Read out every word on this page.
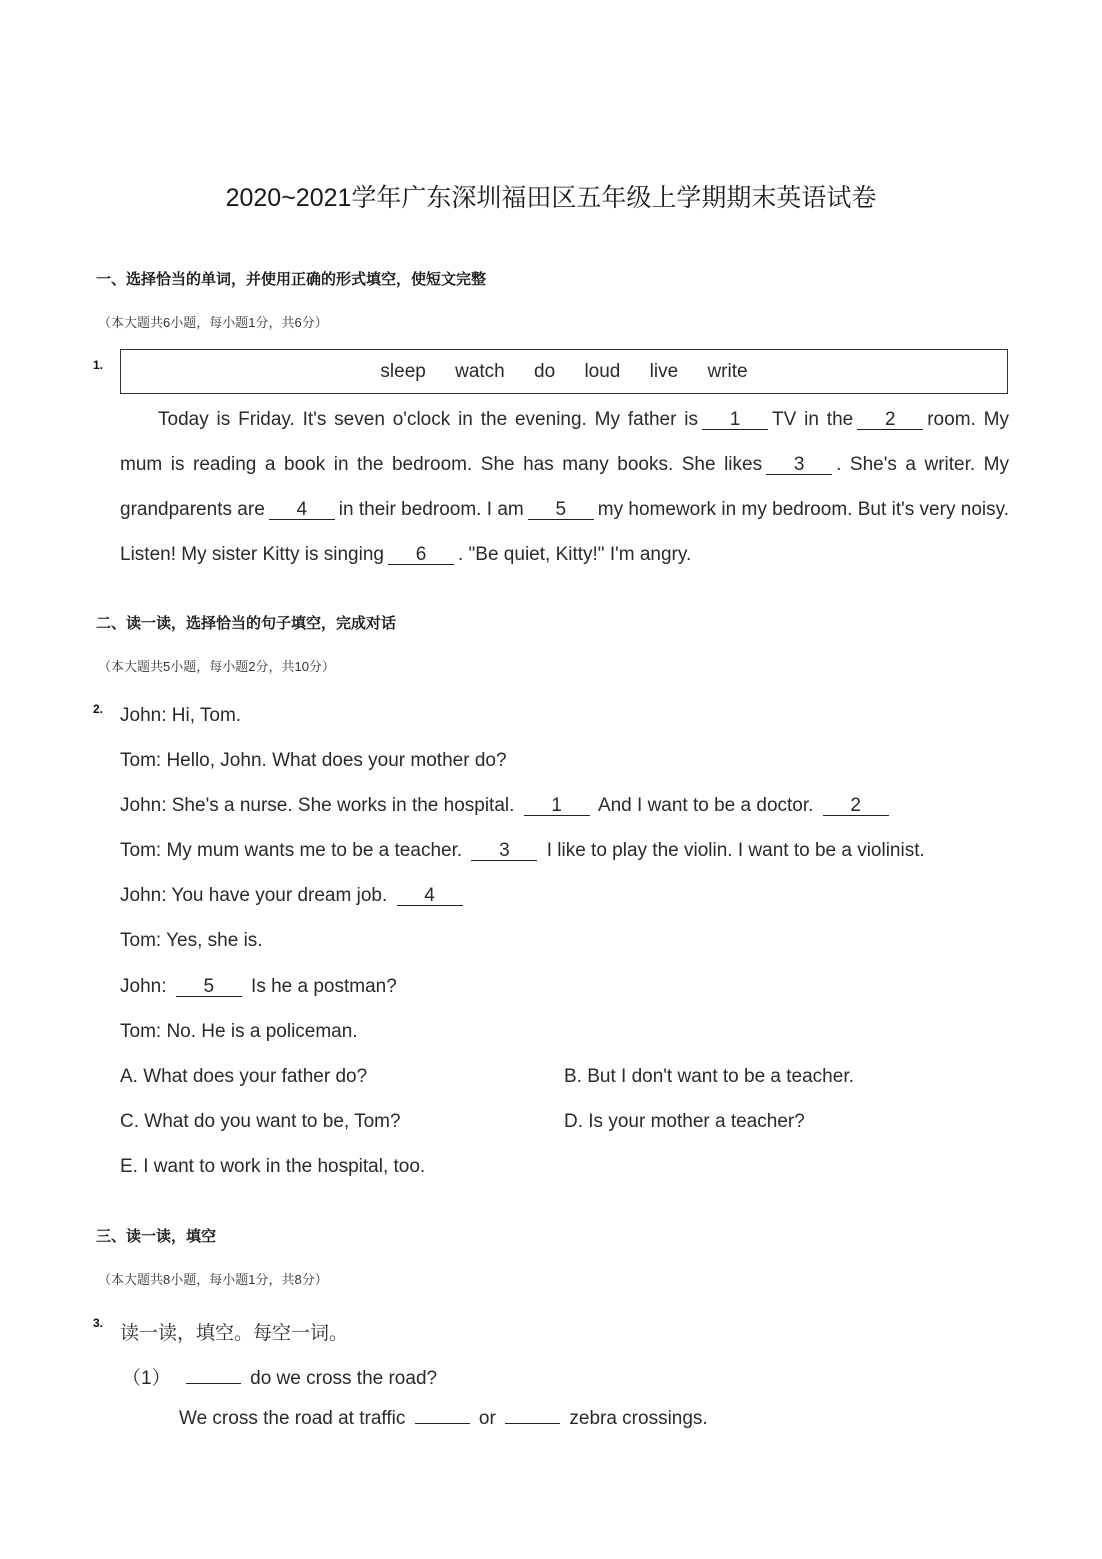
2020~2021学年广东深圳福田区五年级上学期期末英语试卷
一、选择恰当的单词，并使用正确的形式填空，使短文完整
（本大题共6小题，每小题1分，共6分）
1.	sleep watch do loud live write
Today is Friday. It's seven o'clock in the evening. My father is 1 TV in the 2 room. My mum is reading a book in the bedroom. She has many books. She likes 3 . She's a writer. My grandparents are 4 in their bedroom. I am 5 my homework in my bedroom. But it's very noisy. Listen! My sister Kitty is singing 6 . "Be quiet, Kitty!" I'm angry.
二、读一读，选择恰当的句子填空，完成对话
（本大题共5小题，每小题2分，共10分）
2. John: Hi, Tom.
Tom: Hello, John. What does your mother do?
John: She's a nurse. She works in the hospital. 1 And I want to be a doctor. 2
Tom: My mum wants me to be a teacher. 3 I like to play the violin. I want to be a violinist.
John: You have your dream job. 4
Tom: Yes, she is.
John: 5 Is he a postman?
Tom: No. He is a policeman.
A. What does your father do?	B. But I don't want to be a teacher.
C. What do you want to be, Tom?	D. Is your mother a teacher?
E. I want to work in the hospital, too.
三、读一读，填空
（本大题共8小题，每小题1分，共8分）
3. 读一读，填空。每空一词。
（1）	do we cross the road?
We cross the road at traffic	or	zebra crossings.
